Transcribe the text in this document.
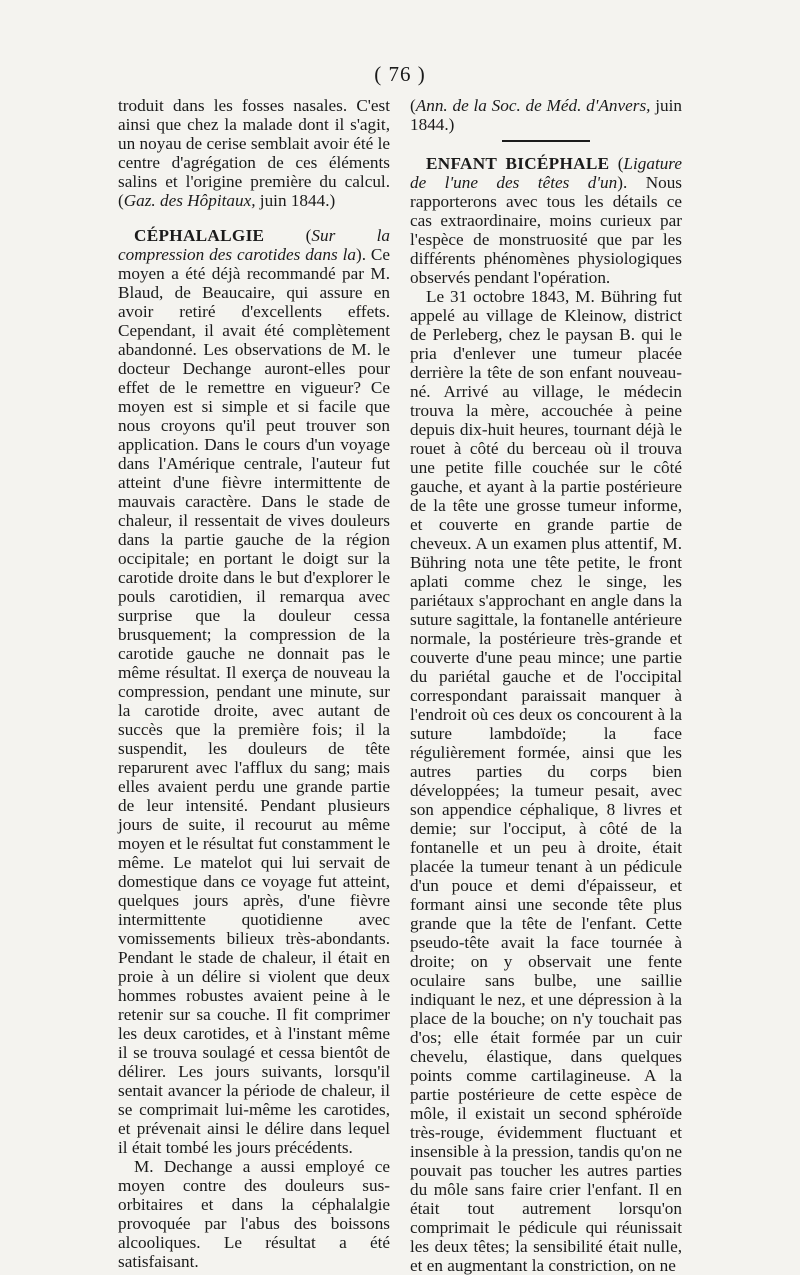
( 76 )

troduit dans les fosses nasales. C'est ainsi que chez la malade dont il s'agit, un noyau de cerise semblait avoir été le centre d'agrégation de ces éléments salins et l'origine première du calcul. (Gaz. des Hôpitaux, juin 1844.)

CÉPHALALGIE (Sur la compression des carotides dans la). Ce moyen a été déjà recommandé par M. Blaud, de Beaucaire, qui assure en avoir retiré d'excellents effets. Cependant, il avait été complètement abandonné. Les observations de M. le docteur Dechange auront-elles pour effet de le remettre en vigueur? Ce moyen est si simple et si facile que nous croyons qu'il peut trouver son application. Dans le cours d'un voyage dans l'Amérique centrale, l'auteur fut atteint d'une fièvre intermittente de mauvais caractère. Dans le stade de chaleur, il ressentait de vives douleurs dans la partie gauche de la région occipitale; en portant le doigt sur la carotide droite dans le but d'explorer le pouls carotidien, il remarqua avec surprise que la douleur cessa brusquement; la compression de la carotide gauche ne donnait pas le même résultat. Il exerça de nouveau la compression, pendant une minute, sur la carotide droite, avec autant de succès que la première fois; il la suspendit, les douleurs de tête reparurent avec l'afflux du sang; mais elles avaient perdu une grande partie de leur intensité. Pendant plusieurs jours de suite, il recourut au même moyen et le résultat fut constamment le même. Le matelot qui lui servait de domestique dans ce voyage fut atteint, quelques jours après, d'une fièvre intermittente quotidienne avec vomissements bilieux très-abondants. Pendant le stade de chaleur, il était en proie à un délire si violent que deux hommes robustes avaient peine à le retenir sur sa couche. Il fit comprimer les deux carotides, et à l'instant même il se trouva soulagé et cessa bientôt de délirer. Les jours suivants, lorsqu'il sentait avancer la période de chaleur, il se comprimait lui-même les carotides, et prévenait ainsi le délire dans lequel il était tombé les jours précédents.

M. Dechange a aussi employé ce moyen contre des douleurs sus-orbitaires et dans la céphalalgie provoquée par l'abus des boissons alcooliques. Le résultat a été satisfaisant.

(Ann. de la Soc. de Méd. d'Anvers, juin 1844.)

ENFANT BICÉPHALE (Ligature de l'une des têtes d'un). Nous rapporterons avec tous les détails ce cas extraordinaire, moins curieux par l'espèce de monstruosité que par les différents phénomènes physiologiques observés pendant l'opération.

Le 31 octobre 1843, M. Bühring fut appelé au village de Kleinow, district de Perleberg, chez le paysan B. qui le pria d'enlever une tumeur placée derrière la tête de son enfant nouveau-né. Arrivé au village, le médecin trouva la mère, accouchée à peine depuis dix-huit heures, tournant déjà le rouet à côté du berceau où il trouva une petite fille couchée sur le côté gauche, et ayant à la partie postérieure de la tête une grosse tumeur informe, et couverte en grande partie de cheveux. A un examen plus attentif, M. Bühring nota une tête petite, le front aplati comme chez le singe, les pariétaux s'approchant en angle dans la suture sagittale, la fontanelle antérieure normale, la postérieure très-grande et couverte d'une peau mince; une partie du pariétal gauche et de l'occipital correspondant paraissait manquer à l'endroit où ces deux os concourent à la suture lambdoïde; la face régulièrement formée, ainsi que les autres parties du corps bien développées; la tumeur pesait, avec son appendice céphalique, 8 livres et demie; sur l'occiput, à côté de la fontanelle et un peu à droite, était placée la tumeur tenant à un pédicule d'un pouce et demi d'épaisseur, et formant ainsi une seconde tête plus grande que la tête de l'enfant. Cette pseudo-tête avait la face tournée à droite; on y observait une fente oculaire sans bulbe, une saillie indiquant le nez, et une dépression à la place de la bouche; on n'y touchait pas d'os; elle était formée par un cuir chevelu, élastique, dans quelques points comme cartilagineuse. A la partie postérieure de cette espèce de môle, il existait un second sphéroïde très-rouge, évidemment fluctuant et insensible à la pression, tandis qu'on ne pouvait pas toucher les autres parties du môle sans faire crier l'enfant. Il en était tout autrement lorsqu'on comprimait le pédicule qui réunissait les deux têtes; la sensibilité était nulle, et en augmentant la constriction, on ne
